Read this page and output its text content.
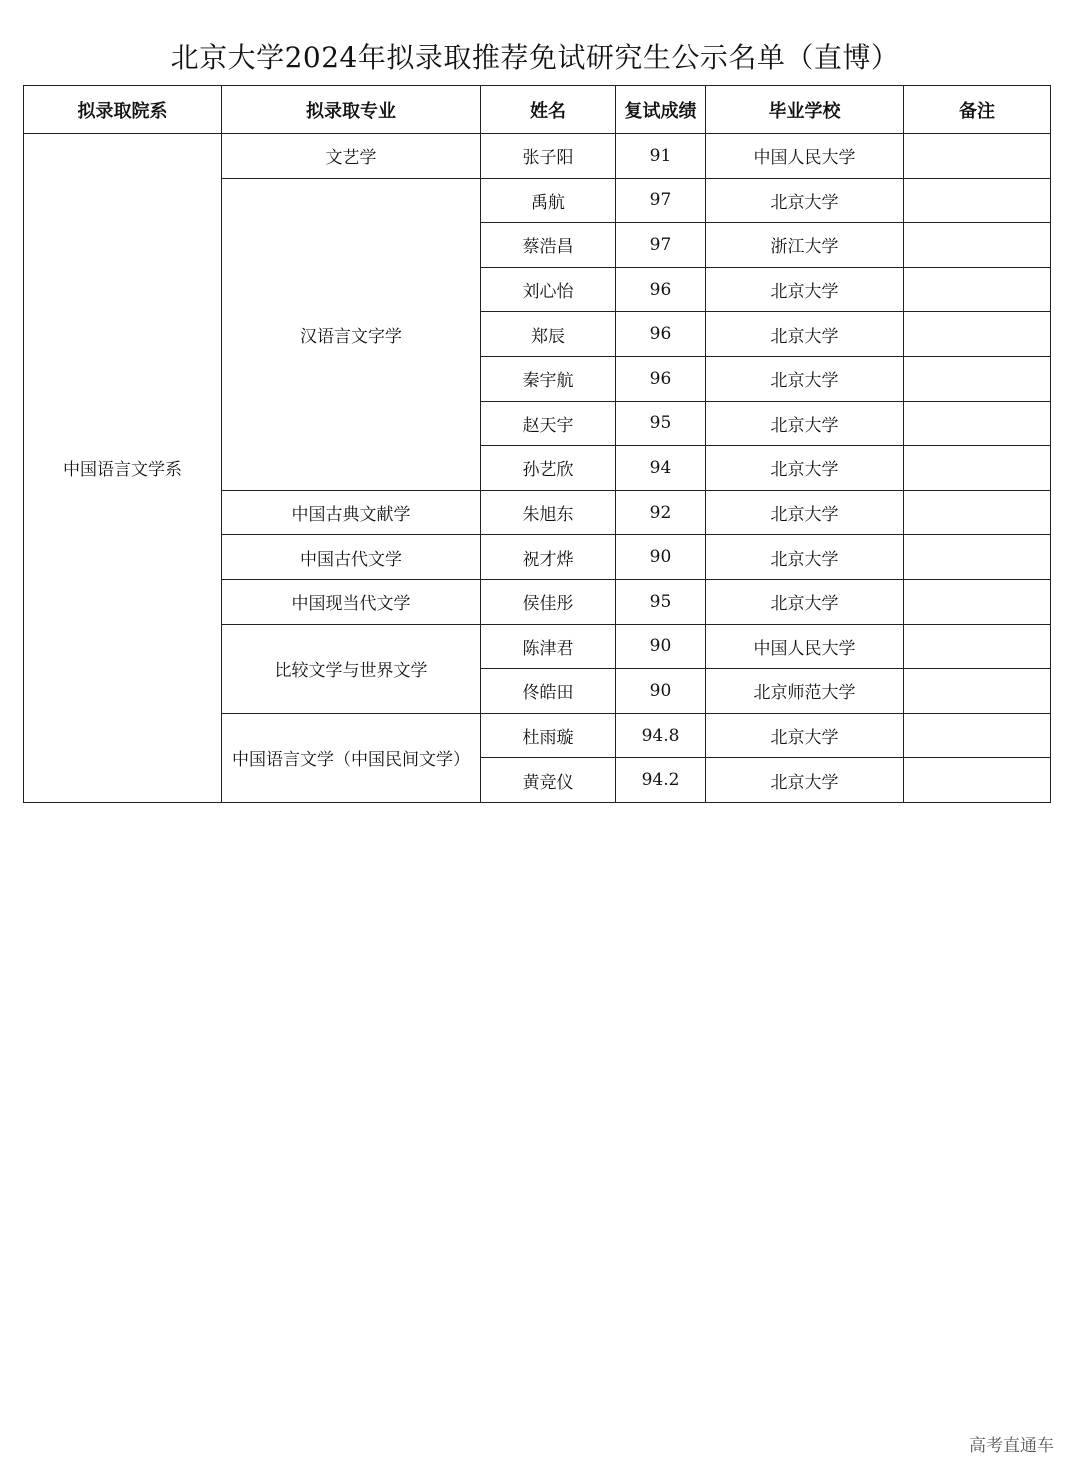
北京大学2024年拟录取推荐免试研究生公示名单（直博）
拟录取院系	拟录取专业	姓名	复试成绩	毕业学校	备注
中国语言文学系	文艺学	张子阳	91	中国人民大学	
	汉语言文字学	禹航	97	北京大学	
		蔡浩昌	97	浙江大学	
		刘心怡	96	北京大学	
		郑辰	96	北京大学	
		秦宇航	96	北京大学	
		赵天宇	95	北京大学	
		孙艺欣	94	北京大学	
	中国古典文献学	朱旭东	92	北京大学	
	中国古代文学	祝才烨	90	北京大学	
	中国现当代文学	侯佳彤	95	北京大学	
	比较文学与世界文学	陈津君	90	中国人民大学	
		佟皓田	90	北京师范大学	
	中国语言文学（中国民间文学）	杜雨璇	94.8	北京大学	
		黄竞仪	94.2	北京大学	
高考直通车
